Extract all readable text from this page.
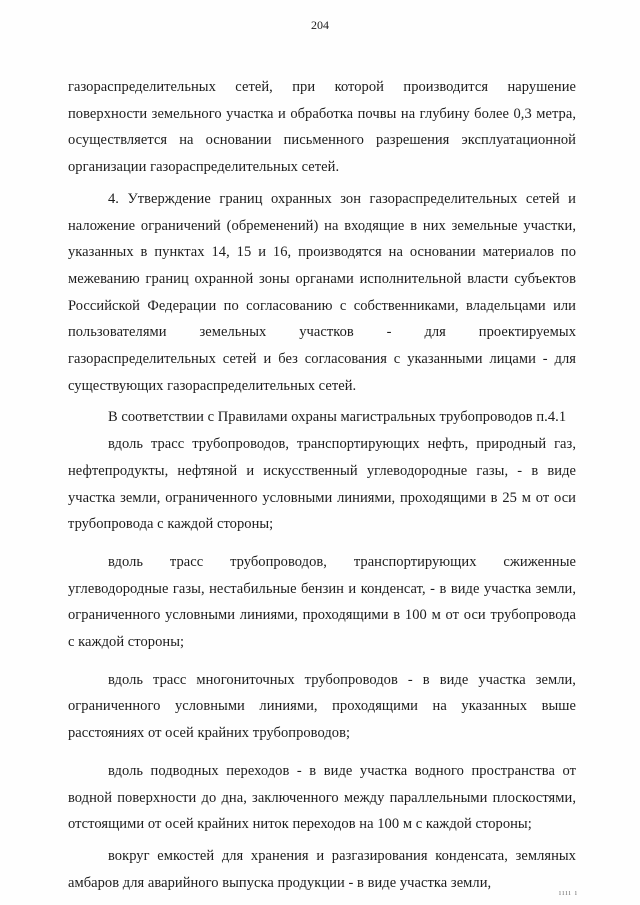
204

газораспределительных сетей, при которой производится нарушение поверхности земельного участка и обработка почвы на глубину более 0,3 метра, осуществляется на основании письменного разрешения эксплуатационной организации газораспределительных сетей.

4. Утверждение границ охранных зон газораспределительных сетей и наложение ограничений (обременений) на входящие в них земельные участки, указанных в пунктах 14, 15 и 16, производятся на основании материалов по межеванию границ охранной зоны органами исполнительной власти субъектов Российской Федерации по согласованию с собственниками, владельцами или пользователями земельных участков - для проектируемых газораспределительных сетей и без согласования с указанными лицами - для существующих газораспределительных сетей.

В соответствии с Правилами охраны магистральных трубопроводов п.4.1

вдоль трасс трубопроводов, транспортирующих нефть, природный газ, нефтепродукты, нефтяной и искусственный углеводородные газы, - в виде участка земли, ограниченного условными линиями, проходящими в 25 м от оси трубопровода с каждой стороны;

вдоль трасс трубопроводов, транспортирующих сжиженные углеводородные газы, нестабильные бензин и конденсат, - в виде участка земли, ограниченного условными линиями, проходящими в 100 м от оси трубопровода с каждой стороны;

вдоль трасс многониточных трубопроводов - в виде участка земли, ограниченного условными линиями, проходящими на указанных выше расстояниях от осей крайних трубопроводов;

вдоль подводных переходов - в виде участка водного пространства от водной поверхности до дна, заключенного между параллельными плоскостями, отстоящими от осей крайних ниток переходов на 100 м с каждой стороны;

вокруг емкостей для хранения и разгазирования конденсата, земляных амбаров для аварийного выпуска продукции - в виде участка земли,

ıııı ı
